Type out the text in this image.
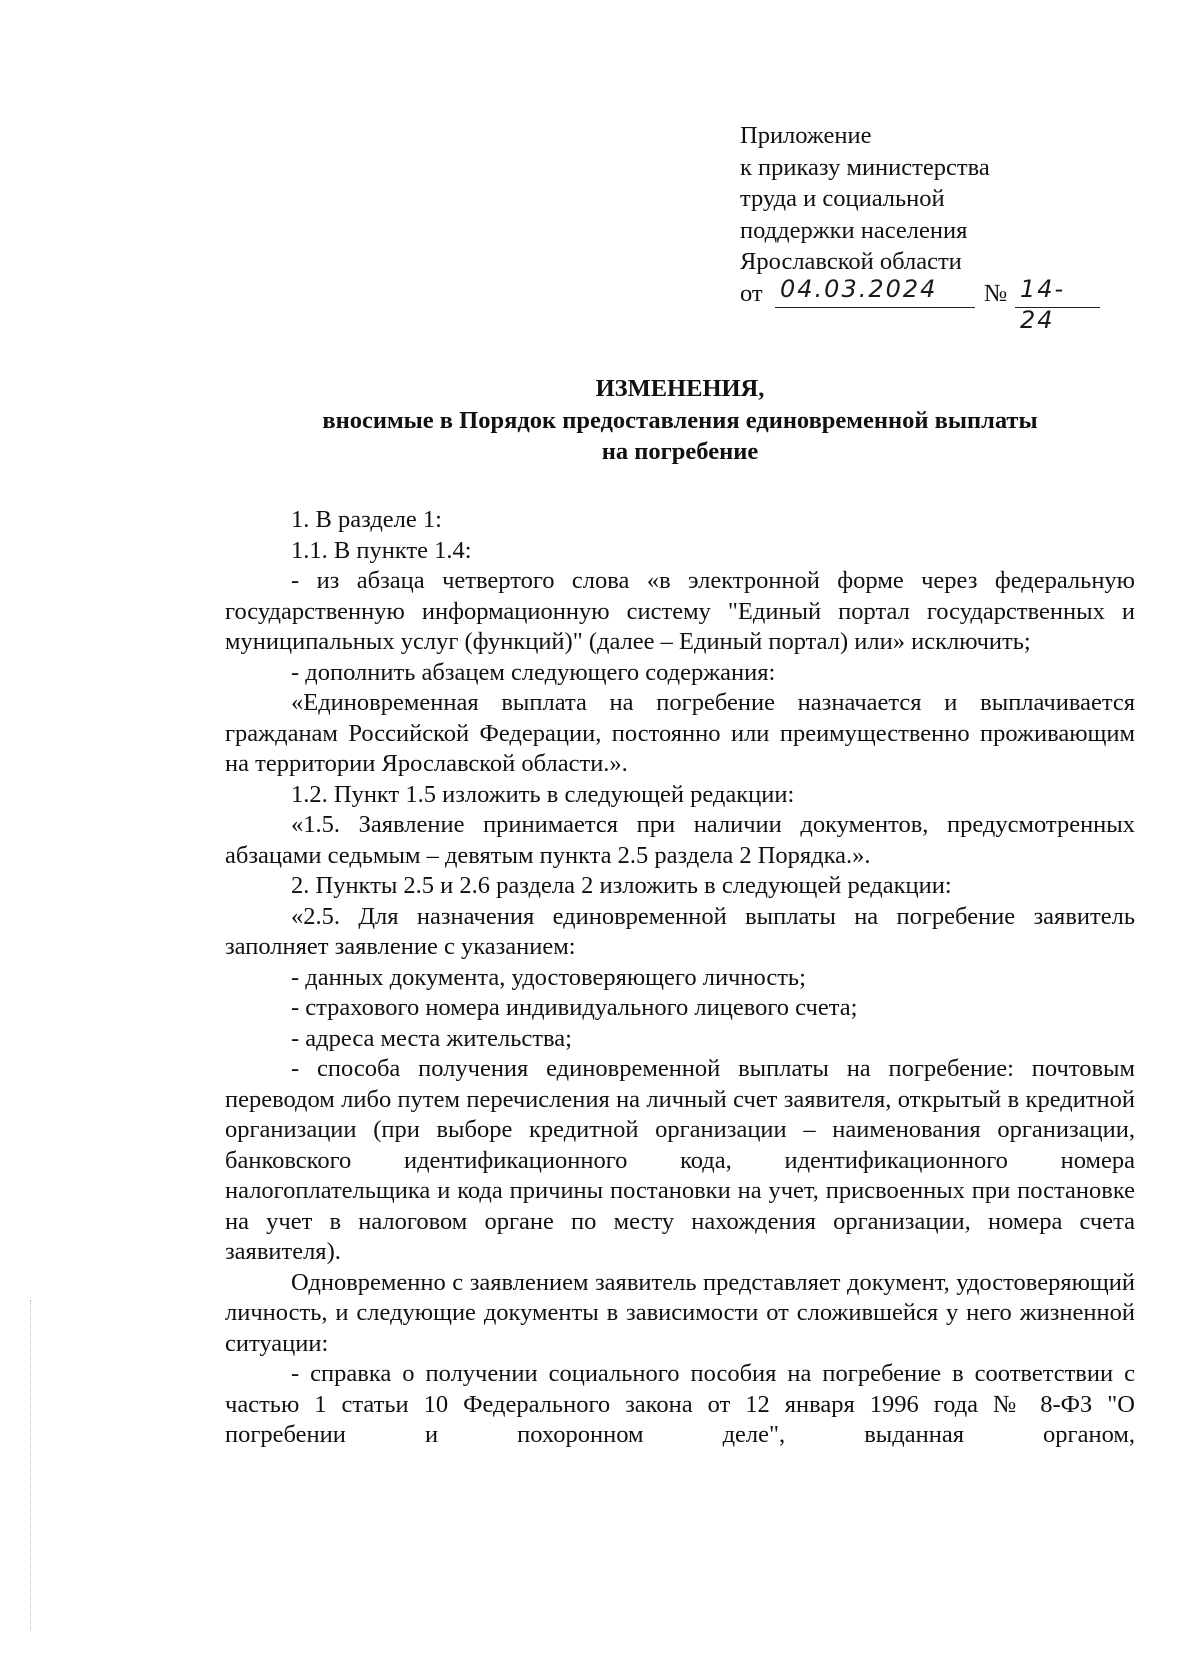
Приложение
к приказу министерства
труда и социальной
поддержки населения
Ярославской области
от 04.03.2024 № 14-24
ИЗМЕНЕНИЯ,
вносимые в Порядок предоставления единовременной выплаты
на погребение

1. В разделе 1:

1.1. В пункте 1.4:

- из абзаца четвертого слова «в электронной форме через федеральную государственную информационную систему "Единый портал государственных и муниципальных услуг (функций)" (далее – Единый портал) или» исключить;

- дополнить абзацем следующего содержания:

«Единовременная выплата на погребение назначается и выплачивается гражданам Российской Федерации, постоянно или преимущественно проживающим на территории Ярославской области.».

1.2. Пункт 1.5 изложить в следующей редакции:

«1.5. Заявление принимается при наличии документов, предусмотренных абзацами седьмым – девятым пункта 2.5 раздела 2 Порядка.».

2. Пункты 2.5 и 2.6 раздела 2 изложить в следующей редакции:

«2.5. Для назначения единовременной выплаты на погребение заявитель заполняет заявление с указанием:

- данных документа, удостоверяющего личность;

- страхового номера индивидуального лицевого счета;

- адреса места жительства;

- способа получения единовременной выплаты на погребение: почтовым переводом либо путем перечисления на личный счет заявителя, открытый в кредитной организации (при выборе кредитной организации – наименования организации, банковского идентификационного кода, идентификационного номера налогоплательщика и кода причины постановки на учет, присвоенных при постановке на учет в налоговом органе по месту нахождения организации, номера счета заявителя).

Одновременно с заявлением заявитель представляет документ, удостоверяющий личность, и следующие документы в зависимости от сложившейся у него жизненной ситуации:

- справка о получении социального пособия на погребение в соответствии с частью 1 статьи 10 Федерального закона от 12 января 1996 года № 8-ФЗ "О погребении и похоронном деле", выданная органом,
